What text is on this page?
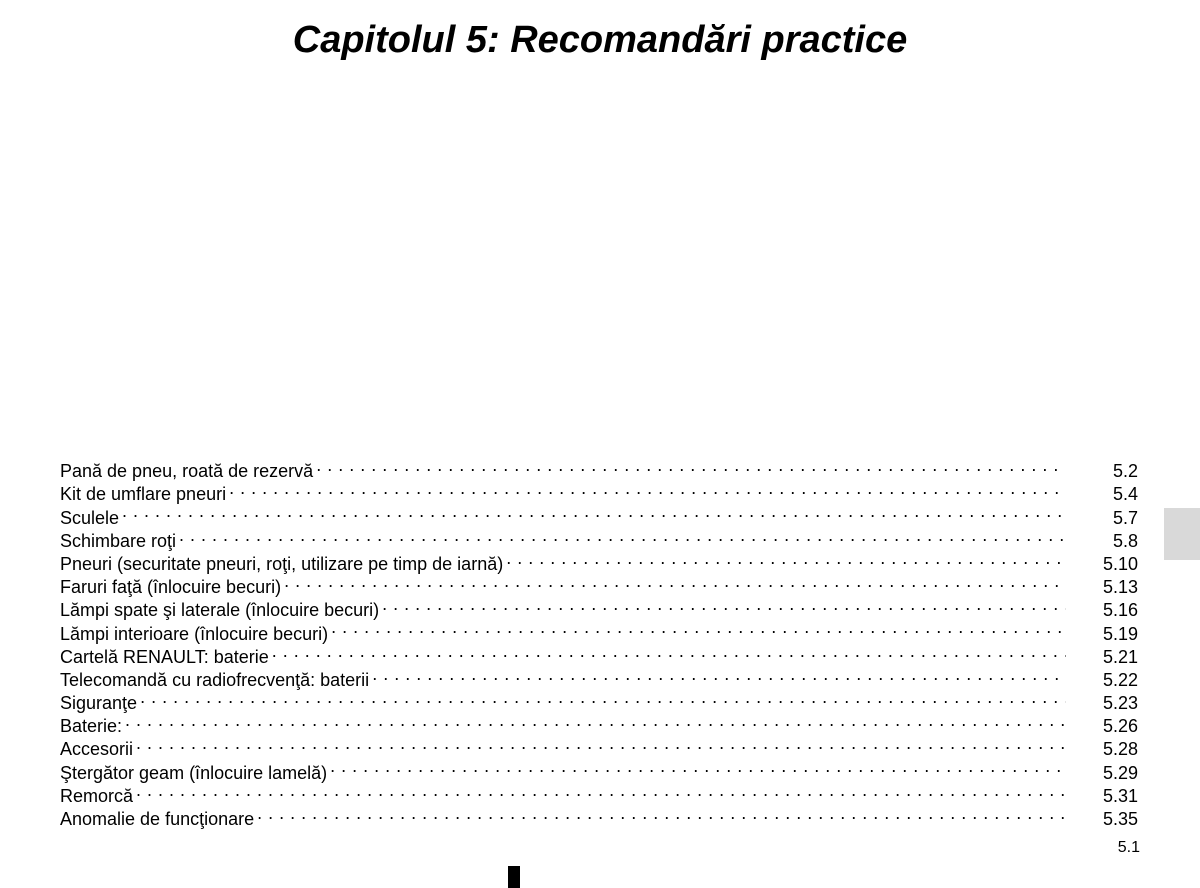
Capitolul 5: Recomandări practice
Pană de pneu, roată de rezervă . . .	5.2
Kit de umflare pneuri . . .	5.4
Sculele . . .	5.7
Schimbare roţi . . .	5.8
Pneuri (securitate pneuri, roţi, utilizare pe timp de iarnă) . . .	5.10
Faruri faţă (înlocuire becuri) . . .	5.13
Lămpi spate şi laterale (înlocuire becuri) . . .	5.16
Lămpi interioare (înlocuire becuri) . . .	5.19
Cartelă RENAULT: baterie . . .	5.21
Telecomandă cu radiofrecvenţă: baterii . . .	5.22
Siguranţe . . .	5.23
Baterie: . . .	5.26
Accesorii . . .	5.28
Ştergător geam (înlocuire lamelă) . . .	5.29
Remorcă . . .	5.31
Anomalie de funcţionare . . .	5.35
5.1
